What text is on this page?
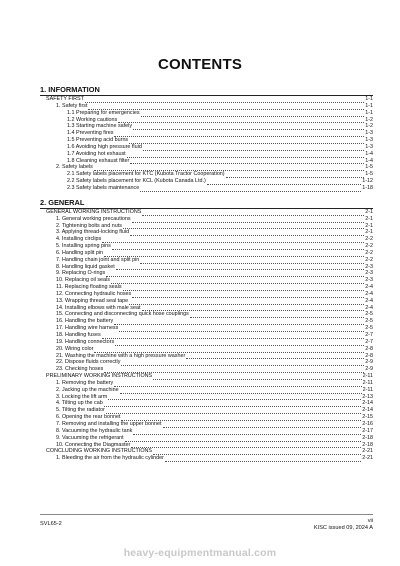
CONTENTS
1. INFORMATION
SAFETY FIRST	1-1
1. Safety first	1-1
1.1 Preparing for emergencies	1-1
1.2 Working cautions	1-2
1.3 Starting machine safely	1-2
1.4 Preventing fires	1-3
1.5 Preventing acid burns	1-3
1.6 Avoiding high pressure fluid	1-3
1.7 Avoiding hot exhaust	1-4
1.8 Cleaning exhaust filter	1-4
2. Safety labels	1-5
2.1 Safety labels placement for KTC (Kubota Tractor Cooperation)	1-5
2.2 Safety labels placement for KCL (Kubota Canada Ltd.)	1-12
2.3 Safety labels maintenance	1-18
2. GENERAL
GENERAL WORKING INSTRUCTIONS	2-1
1. General working precautions	2-1
2. Tightening bolts and nuts	2-1
3. Applying thread-locking fluid	2-1
4. Installing circlips	2-2
5. Installing spring pins	2-2
6. Handling split pin	2-2
7. Handling chain joint and split pin	2-2
8. Handling liquid gasket	2-3
9. Replacing O-rings	2-3
10. Replacing oil seals	2-3
11. Replacing floating seals	2-4
12. Connecting hydraulic hoses	2-4
13. Wrapping thread seal tape	2-4
14. Installing elbows with male seat	2-4
15. Connecting and disconnecting quick hose couplings	2-5
16. Handling the battery	2-5
17. Handling wire harness	2-5
18. Handling fuses	2-7
19. Handling connectors	2-7
20. Wiring color	2-8
21. Washing the machine with a high pressure washer	2-8
22. Dispose fluids correctly	2-9
23. Checking hoses	2-9
PRELIMINARY WORKING INSTRUCTIONS	2-11
1. Removing the battery	2-11
2. Jacking up the machine	2-11
3. Locking the lift arm	2-13
4. Tilting up the cab	2-14
5. Tilting the radiator	2-14
6. Opening the rear bonnet	2-15
7. Removing and installing the upper bonnet	2-16
8. Vacuuming the hydraulic tank	2-17
9. Vacuuming the refrigerant	2-18
10. Connecting the Diagmaster	2-18
CONCLUDING WORKING INSTRUCTIONS	2-21
1. Bleeding the air from the hydraulic cylinder	2-21
SVL65-2	vii
KISC issued 09, 2024 A
heavy-equipmentmanual.com
